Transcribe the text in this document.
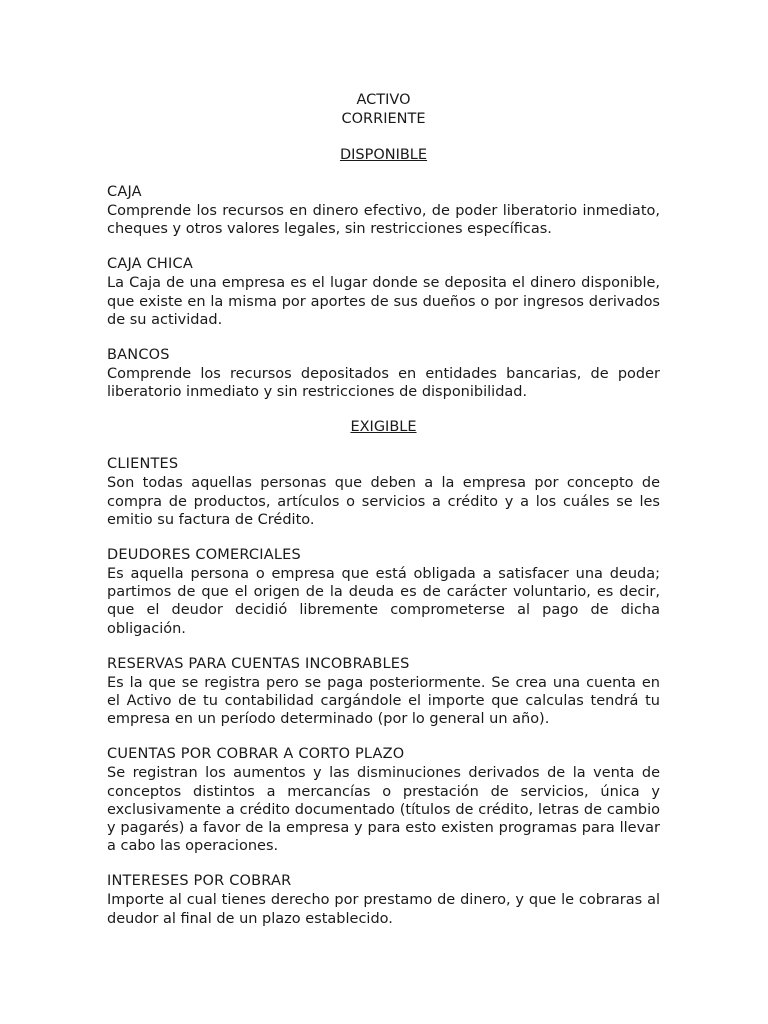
ACTIVO
CORRIENTE

DISPONIBLE

CAJA

Comprende los recursos en dinero efectivo, de poder liberatorio inmediato, cheques y otros valores legales, sin restricciones específicas.

CAJA CHICA

La Caja de una empresa es el lugar donde se deposita el dinero disponible, que existe en la misma por aportes de sus dueños o por ingresos derivados de su actividad.

BANCOS

Comprende los recursos depositados en entidades bancarias, de poder liberatorio inmediato y sin restricciones de disponibilidad.

EXIGIBLE

CLIENTES

Son todas aquellas personas que deben a la empresa por concepto de compra de productos, artículos o servicios a crédito y a los cuáles se les emitio su factura de Crédito.

DEUDORES COMERCIALES

Es aquella persona o empresa que está obligada a satisfacer una deuda; partimos de que el origen de la deuda es de carácter voluntario, es decir, que el deudor decidió libremente comprometerse al pago de dicha obligación.

RESERVAS PARA CUENTAS INCOBRABLES

Es la que se registra pero se paga posteriormente. Se crea una cuenta en el Activo de tu contabilidad cargándole el importe que calculas tendrá tu empresa en un período determinado (por lo general un año).

CUENTAS POR COBRAR A CORTO PLAZO

Se registran los aumentos y las disminuciones derivados de la venta de conceptos distintos a mercancías o prestación de servicios, única y exclusivamente a crédito documentado (títulos de crédito, letras de cambio y pagarés) a favor de la empresa y para esto existen programas para llevar a cabo las operaciones.

INTERESES POR COBRAR

Importe al cual tienes derecho por prestamo de dinero, y que le cobraras al deudor al final de un plazo establecido.
